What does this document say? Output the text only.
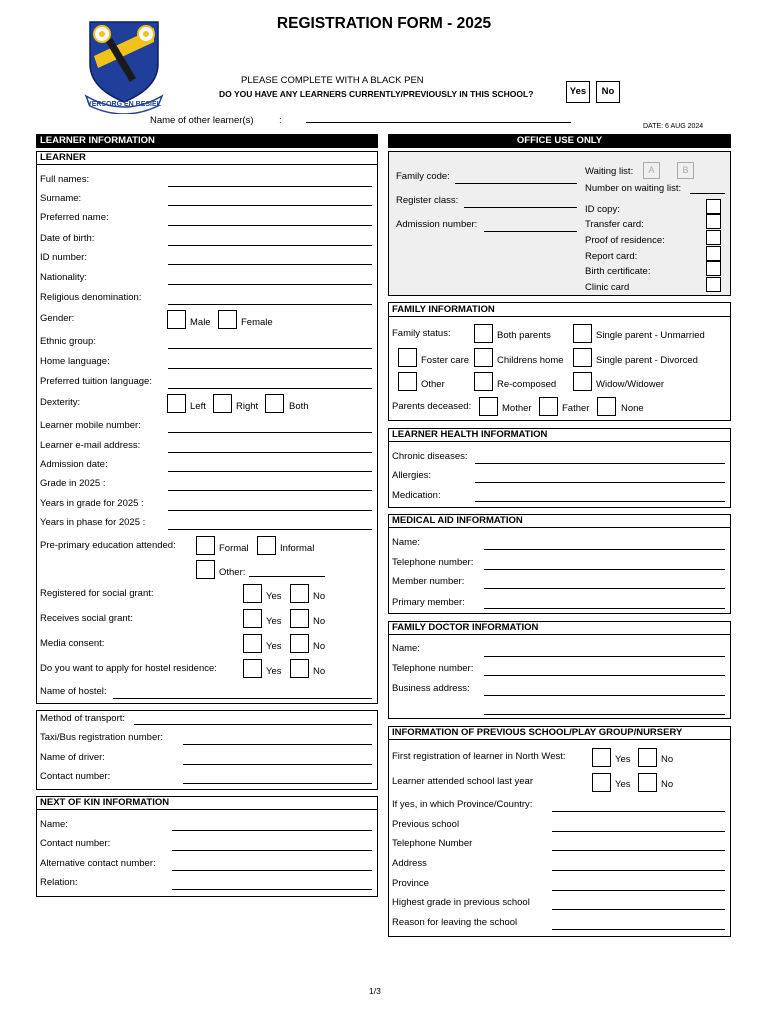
VERSORG EN BESIEL
REGISTRATION FORM - 2025
PLEASE COMPLETE WITH A BLACK PEN
DO YOU HAVE ANY LEARNERS CURRENTLY/PREVIOUSLY IN THIS SCHOOL?	Yes	No
Name of other learner(s)	:
DATE: 6 AUG 2024
LEARNER INFORMATION
LEARNER
Full names:
Surname:
Preferred name:
Date of birth:
ID number:
Nationality:
Religious denomination:
Gender:	Male	Female
Ethnic group:
Home language:
Preferred tuition language:
Dexterity:	Left	Right	Both
Learner mobile number:
Learner e-mail address:
Admission date:
Grade in 2025 :
Years in grade for 2025 :
Years in phase for 2025 :
Pre-primary education attended:	Formal	Informal
Other:
Registered for social grant:	Yes	No
Receives social grant:	Yes	No
Media consent:	Yes	No
Do you want to apply for hostel residence:	Yes	No
Name of hostel:
Method of transport:
Taxi/Bus registration number:
Name of driver:
Contact number:
NEXT OF KIN INFORMATION
Name:
Contact number:
Alternative contact number:
Relation:
OFFICE USE ONLY
Family code:
Register class:
Admission number:
Waiting list:	A	B
Number on waiting list:
ID copy:
Transfer card:
Proof of residence:
Report card:
Birth certificate:
Clinic card
FAMILY INFORMATION
Family status:	Both parents	Single parent - Unmarried
Foster care	Childrens home	Single parent - Divorced
Other	Re-composed	Widow/Widower
Parents deceased:	Mother	Father	None
LEARNER HEALTH INFORMATION
Chronic diseases:
Allergies:
Medication:
MEDICAL AID INFORMATION
Name:
Telephone number:
Member number:
Primary member:
FAMILY DOCTOR INFORMATION
Name:
Telephone number:
Business address:
INFORMATION OF PREVIOUS SCHOOL/PLAY GROUP/NURSERY
First registration of learner in North West:	Yes	No
Learner attended school last year	Yes	No
If yes, in which Province/Country:
Previous school
Telephone Number
Address
Province
Highest grade in previous school
Reason for leaving the school
1/3
